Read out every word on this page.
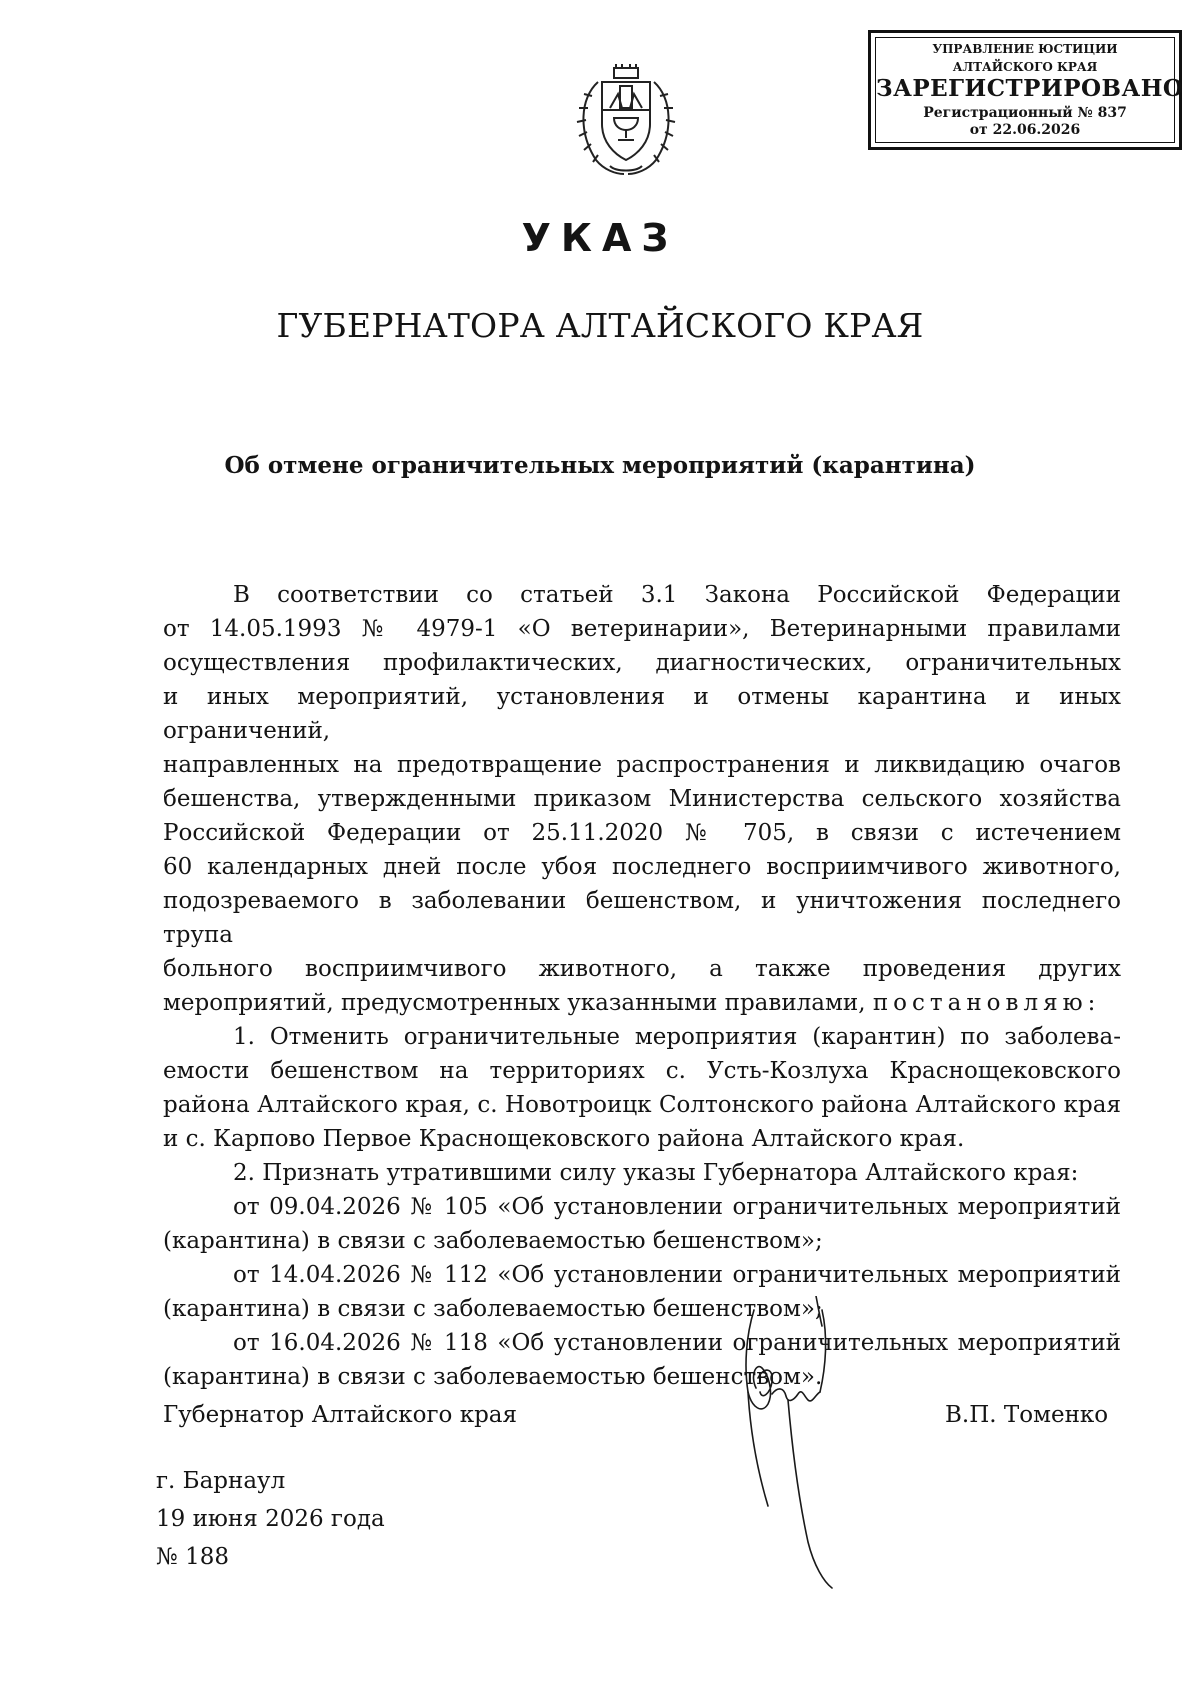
УПРАВЛЕНИЕ ЮСТИЦИИ
АЛТАЙСКОГО КРАЯ
ЗАРЕГИСТРИРОВАНО
Регистрационный № 837
от 22.06.2026
УКАЗ
ГУБЕРНАТОРА АЛТАЙСКОГО КРАЯ
Об отмене ограничительных мероприятий (карантина)

В соответствии со статьей 3.1 Закона Российской Федерации

от 14.05.1993 № 4979-1 «О ветеринарии», Ветеринарными правилами

осуществления профилактических, диагностических, ограничительных

и иных мероприятий, установления и отмены карантина и иных ограничений,

направленных на предотвращение распространения и ликвидацию очагов

бешенства, утвержденными приказом Министерства сельского хозяйства

Российской Федерации от 25.11.2020 № 705, в связи с истечением

60 календарных дней после убоя последнего восприимчивого животного,

подозреваемого в заболевании бешенством, и уничтожения последнего трупа

больного восприимчивого животного, а также проведения других

мероприятий, предусмотренных указанными правилами, постановляю:

1. Отменить ограничительные мероприятия (карантин) по заболева-

емости бешенством на территориях с. Усть-Козлуха Краснощековского

района Алтайского края, с. Новотроицк Солтонского района Алтайского края

и с. Карпово Первое Краснощековского района Алтайского края.

2. Признать утратившими силу указы Губернатора Алтайского края:

от 09.04.2026 № 105 «Об установлении ограничительных мероприятий

(карантина) в связи с заболеваемостью бешенством»;

от 14.04.2026 № 112 «Об установлении ограничительных мероприятий

(карантина) в связи с заболеваемостью бешенством»;

от 16.04.2026 № 118 «Об установлении ограничительных мероприятий

(карантина) в связи с заболеваемостью бешенством».

Губернатор Алтайского края	В.П. Томенко
г. Барнаул
19 июня 2026 года
№ 188
